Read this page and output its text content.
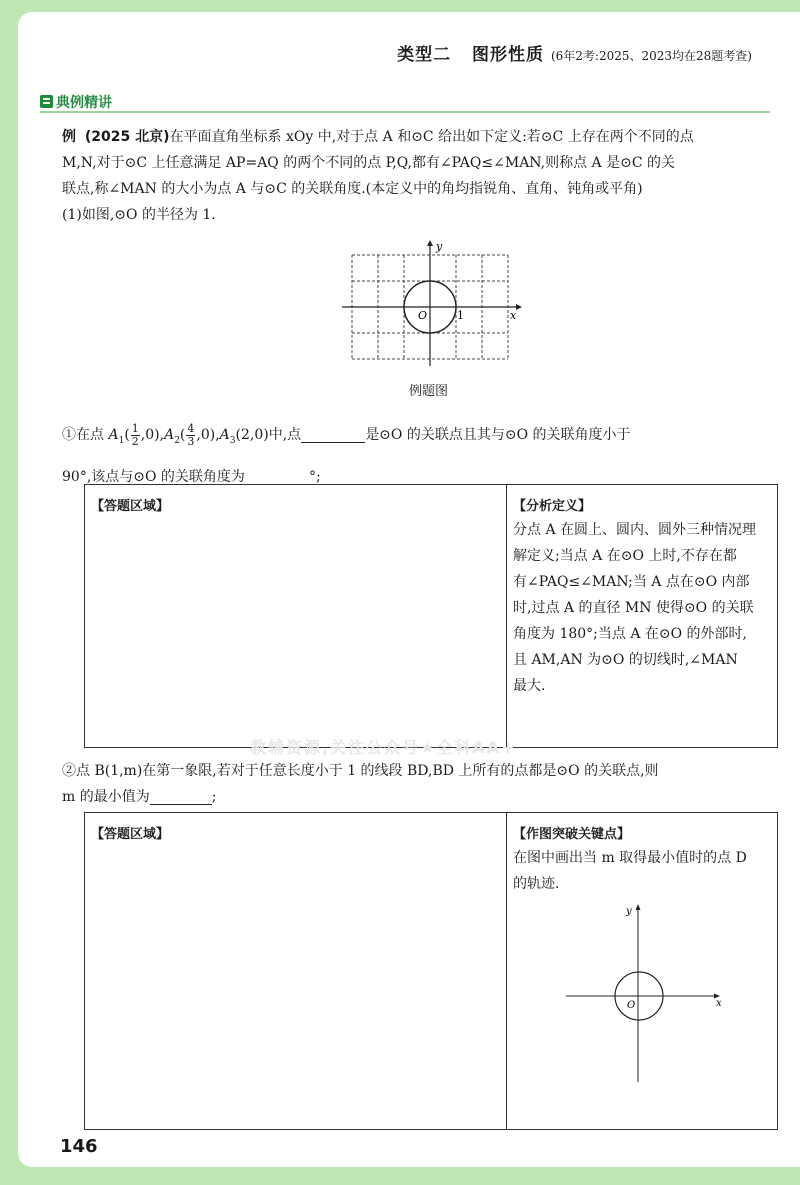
类型二 图形性质 (6年2考:2025、2023均在28题考查)
典例精讲

例 (2025 北京)在平面直角坐标系 xOy 中,对于点 A 和⊙C 给出如下定义:若⊙C 上存在两个不同的点

M,N,对于⊙C 上任意满足 AP=AQ 的两个不同的点 P,Q,都有∠PAQ≤∠MAN,则称点 A 是⊙C 的关

联点,称∠MAN 的大小为点 A 与⊙C 的关联角度.(本定义中的角均指锐角、直角、钝角或平角)

(1)如图,⊙O 的半径为 1.

y
x
O	1
例题图

①在点 $A_1( \frac{1}{2} ,0),A_2( \frac{4}{3} ,0),A_3(2,0)$中,点	是⊙O 的关联点且其与⊙O 的关联角度小于

90°,该点与⊙O 的关联角度为	°;

【答题区域】	【分析定义】
分点 A 在圆上、圆内、圆外三种情况理
解定义;当点 A 在⊙O 上时,不存在都
有∠PAQ≤∠MAN;当 A 点在⊙O 内部
时,过点 A 的直径 MN 使得⊙O 的关联
角度为 180°;当点 A 在⊙O 的外部时,
且 AM,AN 为⊙O 的切线时,∠MAN
最大.
教辅资源,关注公众号★全科AA+

②点 B(1,m)在第一象限,若对于任意长度小于 1 的线段 BD,BD 上所有的点都是⊙O 的关联点,则

m 的最小值为	;

【答题区域】	【作图突破关键点】
在图中画出当 m 取得最小值时的点 D
的轨迹.
y
x
O
146
